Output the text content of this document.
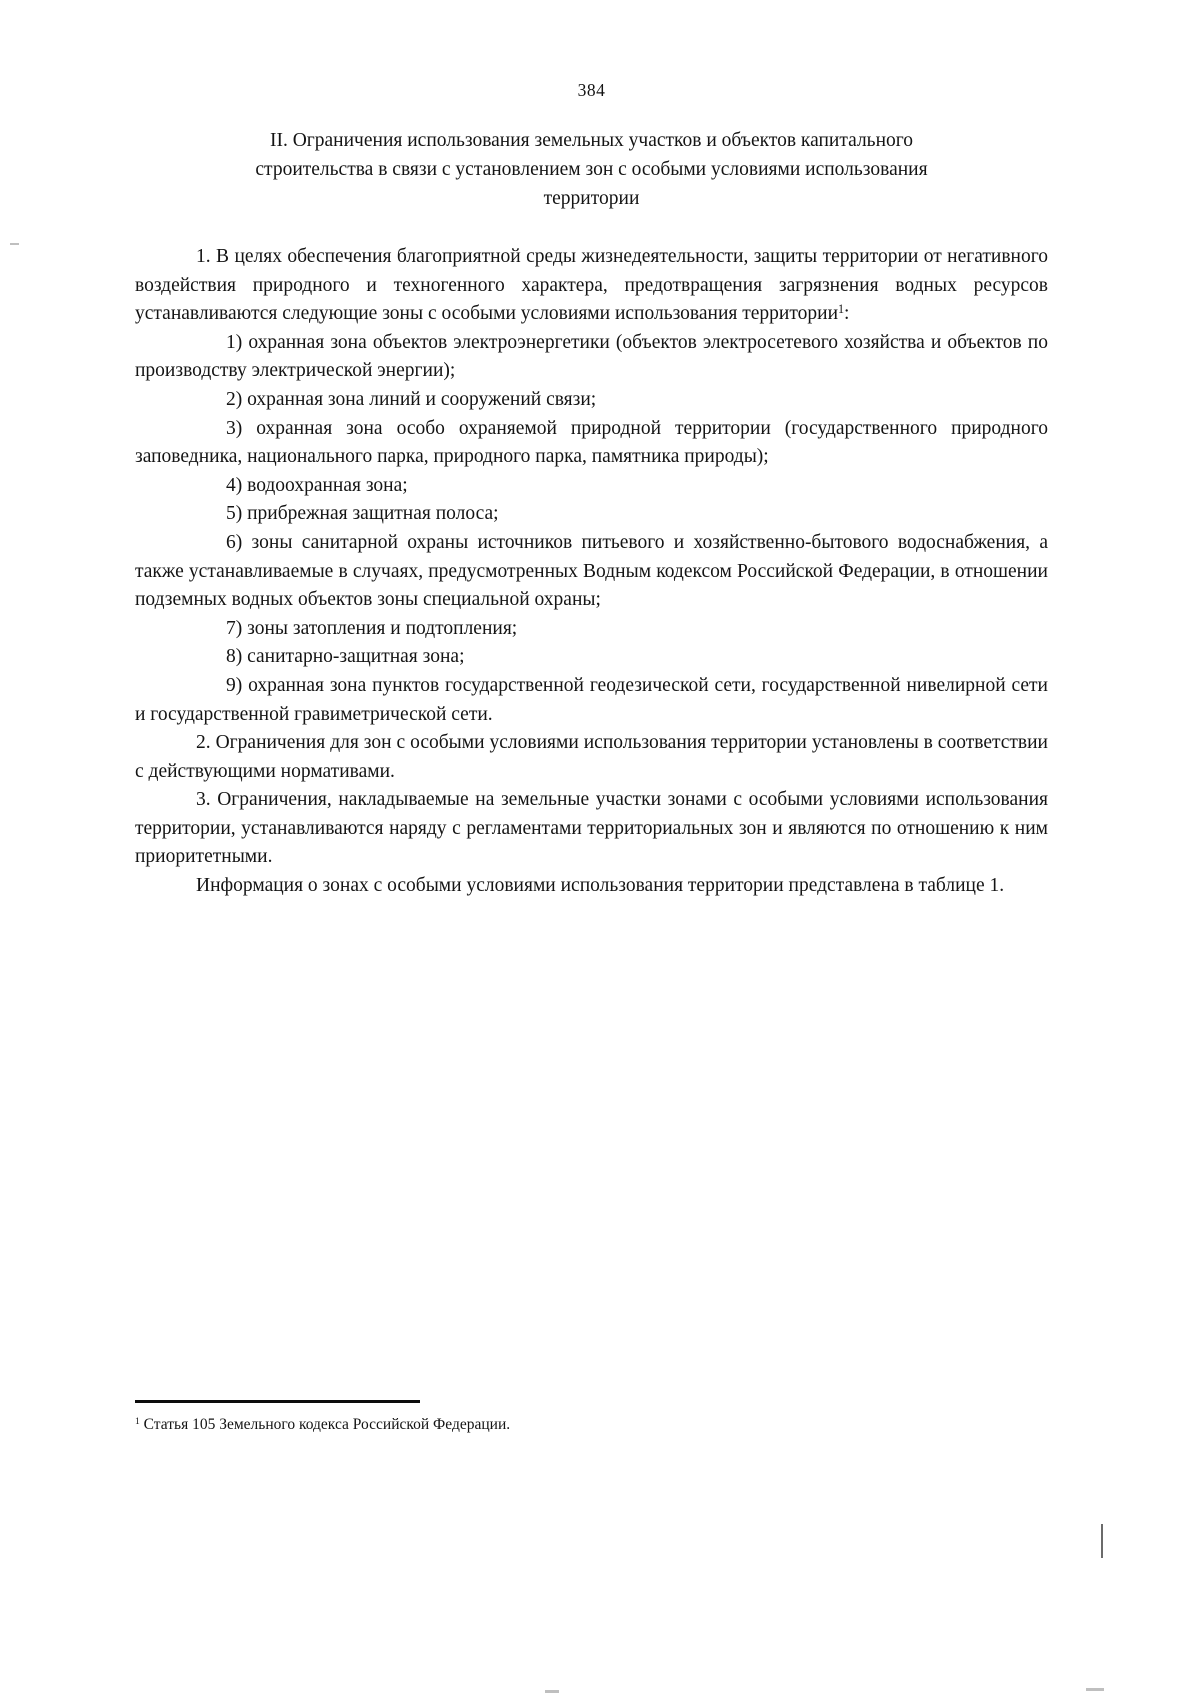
384
II. Ограничения использования земельных участков и объектов капитального
строительства в связи с установлением зон с особыми условиями использования
территории

1. В целях обеспечения благоприятной среды жизнедеятельности, защиты территории от негативного воздействия природного и техногенного характера, предотвращения загрязнения водных ресурсов устанавливаются следующие зоны с особыми условиями использования территории$^1$:

1) охранная зона объектов электроэнергетики (объектов электросетевого хозяйства и объектов по производству электрической энергии);

2) охранная зона линий и сооружений связи;

3) охранная зона особо охраняемой природной территории (государственного природного заповедника, национального парка, природного парка, памятника природы);

4) водоохранная зона;

5) прибрежная защитная полоса;

6) зоны санитарной охраны источников питьевого и хозяйственно-бытового водоснабжения, а также устанавливаемые в случаях, предусмотренных Водным кодексом Российской Федерации, в отношении подземных водных объектов зоны специальной охраны;

7) зоны затопления и подтопления;

8) санитарно-защитная зона;

9) охранная зона пунктов государственной геодезической сети, государственной нивелирной сети и государственной гравиметрической сети.

2. Ограничения для зон с особыми условиями использования территории установлены в соответствии с действующими нормативами.

3. Ограничения, накладываемые на земельные участки зонами с особыми условиями использования территории, устанавливаются наряду с регламентами территориальных зон и являются по отношению к ним приоритетными.

Информация о зонах с особыми условиями использования территории представлена в таблице 1.

$^1$ Статья 105 Земельного кодекса Российской Федерации.
